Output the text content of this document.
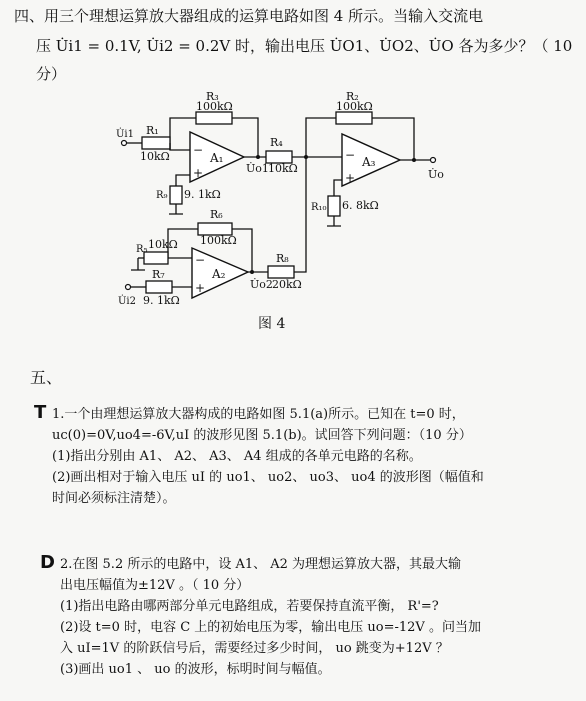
四、用三个理想运算放大器组成的运算电路如图 4 所示。当输入交流电
压 U̇i1 = 0.1V, U̇i2 = 0.2V 时，输出电压 U̇O1、U̇O2、U̇O 各为多少？（ 10
分）
R₃
100kΩ
U̇i1 R₁
10kΩ −
+
A₁
R₉ 9. 1kΩ
R₄
U̇o1 10kΩ
R₂
100kΩ
−
+
A₃
U̇o
R₁₀ 6. 8kΩ
R₆
100kΩ
R₅ 10kΩ
−
+
A₂
R₇
U̇i2 9. 1kΩ
R₈
U̇o2 20kΩ
图 4
五、
T 1.一个由理想运算放大器构成的电路如图 5.1(a)所示。已知在 t=0 时，
uc(0)=0V,uo4=-6V,uI 的波形见图 5.1(b)。试回答下列问题：（10 分）
(1)指出分别由 A1、 A2、 A3、 A4 组成的各单元电路的名称。
(2)画出相对于输入电压 uI 的 uo1、 uo2、 uo3、 uo4 的波形图（幅值和
时间必须标注清楚）。
D 2.在图 5.2 所示的电路中，设 A1、 A2 为理想运算放大器，其最大输
出电压幅值为±12V 。（ 10 分）
(1)指出电路由哪两部分单元电路组成，若要保持直流平衡， R'=?
(2)设 t=0 时，电容 C 上的初始电压为零，输出电压 uo=-12V 。问当加
入 uI=1V 的阶跃信号后，需要经过多少时间， uo 跳变为+12V ？
(3)画出 uo1 、 uo 的波形，标明时间与幅值。
